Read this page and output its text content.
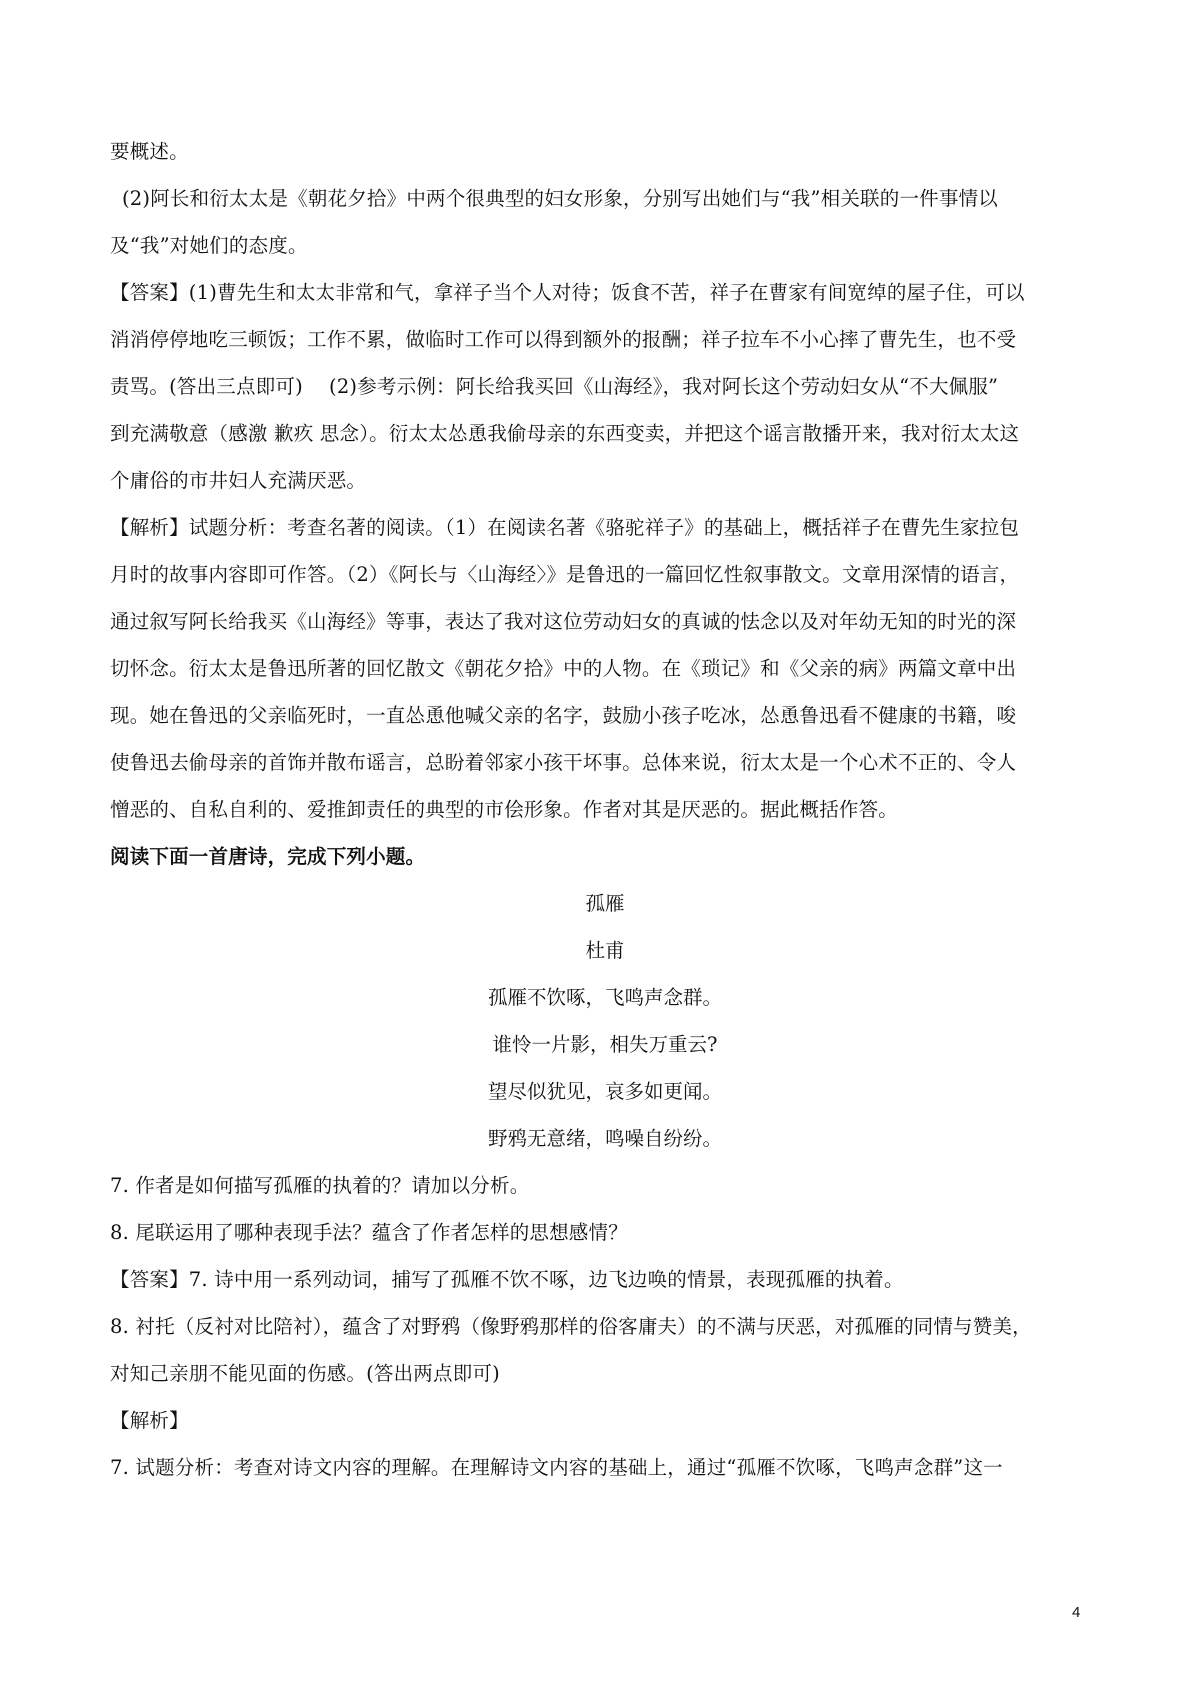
要概述。

(2)阿长和衍太太是《朝花夕拾》中两个很典型的妇女形象，分别写出她们与“我”相关联的一件事情以

及“我”对她们的态度。

【答案】(1)曹先生和太太非常和气，拿祥子当个人对待；饭食不苦，祥子在曹家有间宽绰的屋子住，可以

消消停停地吃三顿饭；工作不累，做临时工作可以得到额外的报酬；祥子拉车不小心摔了曹先生，也不受

责骂。(答出三点即可)　 (2)参考示例：阿长给我买回《山海经》，我对阿长这个劳动妇女从“不大佩服”

到充满敬意（感激 歉疚 思念）。衍太太怂恿我偷母亲的东西变卖，并把这个谣言散播开来，我对衍太太这

个庸俗的市井妇人充满厌恶。

【解析】试题分析：考查名著的阅读。（1）在阅读名著《骆驼祥子》的基础上，概括祥子在曹先生家拉包

月时的故事内容即可作答。（2）《阿长与〈山海经〉》是鲁迅的一篇回忆性叙事散文。文章用深情的语言，

通过叙写阿长给我买《山海经》等事，表达了我对这位劳动妇女的真诚的怯念以及对年幼无知的时光的深

切怀念。衍太太是鲁迅所著的回忆散文《朝花夕拾》中的人物。在《琐记》和《父亲的病》两篇文章中出

现。她在鲁迅的父亲临死时，一直怂恿他喊父亲的名字，鼓励小孩子吃冰，怂恿鲁迅看不健康的书籍，唆

使鲁迅去偷母亲的首饰并散布谣言，总盼着邻家小孩干坏事。总体来说，衍太太是一个心术不正的、令人

憎恶的、自私自利的、爱推卸责任的典型的市侩形象。作者对其是厌恶的。据此概括作答。

阅读下面一首唐诗，完成下列小题。

孤雁

杜甫

孤雁不饮啄，飞鸣声念群。

谁怜一片影，相失万重云?

望尽似犹见，哀多如更闻。

野鸦无意绪，鸣噪自纷纷。

7. 作者是如何描写孤雁的执着的？请加以分析。

8. 尾联运用了哪种表现手法？蕴含了作者怎样的思想感情？

【答案】7. 诗中用一系列动词，捕写了孤雁不饮不啄，边飞边唤的情景，表现孤雁的执着。

8. 衬托（反衬对比陪衬），蕴含了对野鸦（像野鸦那样的俗客庸夫）的不满与厌恶，对孤雁的同情与赞美，

对知己亲朋不能见面的伤感。(答出两点即可)

【解析】

7. 试题分析：考查对诗文内容的理解。在理解诗文内容的基础上，通过“孤雁不饮啄，飞鸣声念群”这一

4
